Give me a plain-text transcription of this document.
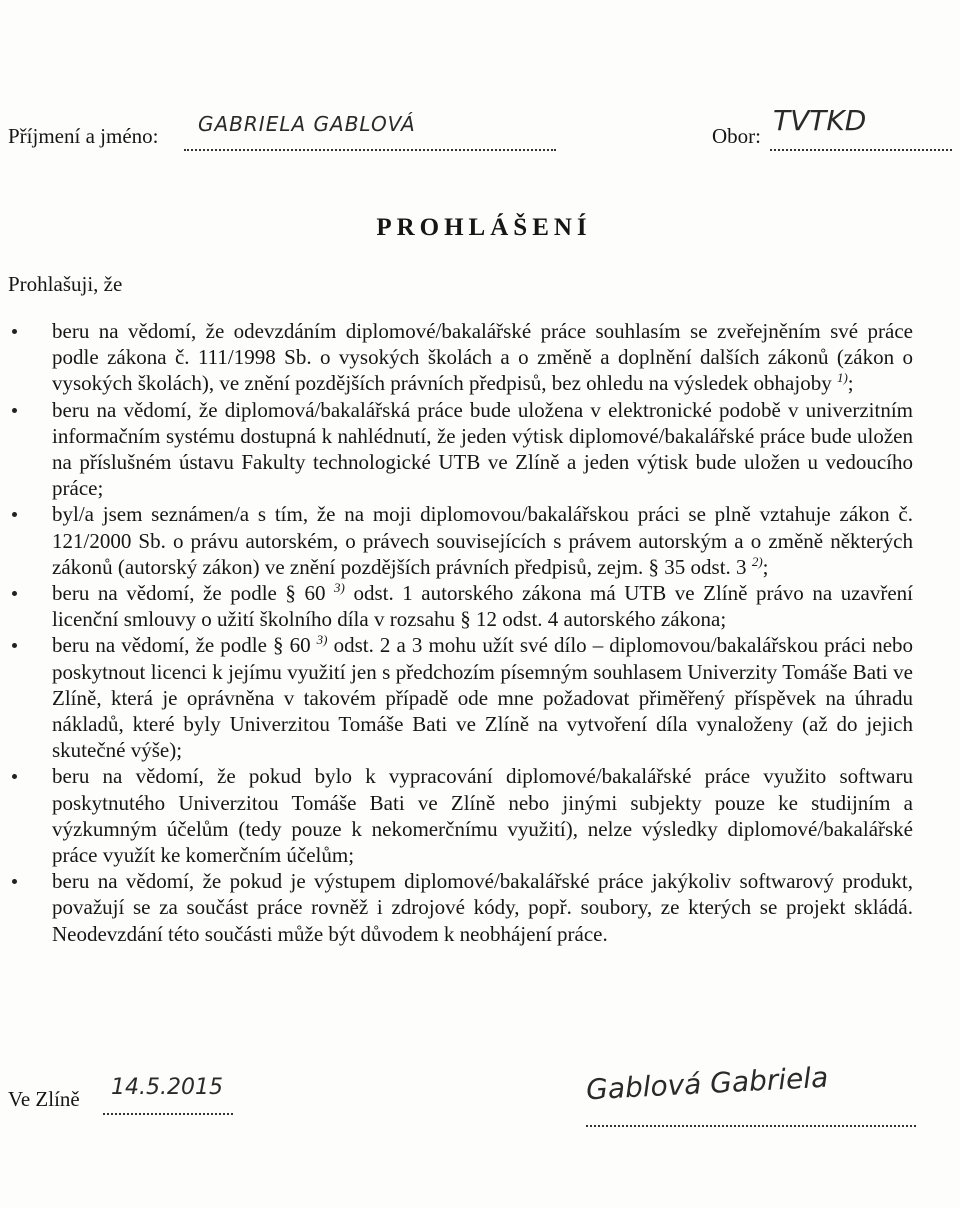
Příjmení a jméno: GABRIELA GABLOVÁ	Obor: TVTKD
PROHLÁŠENÍ
Prohlašuji, že
beru na vědomí, že odevzdáním diplomové/bakalářské práce souhlasím se zveřejněním své práce podle zákona č. 111/1998 Sb. o vysokých školách a o změně a doplnění dalších zákonů (zákon o vysokých školách), ve znění pozdějších právních předpisů, bez ohledu na výsledek obhajoby $^{1)}$;
beru na vědomí, že diplomová/bakalářská práce bude uložena v elektronické podobě v univerzitním informačním systému dostupná k nahlédnutí, že jeden výtisk diplomové/bakalářské práce bude uložen na příslušném ústavu Fakulty technologické UTB ve Zlíně a jeden výtisk bude uložen u vedoucího práce;
byl/a jsem seznámen/a s tím, že na moji diplomovou/bakalářskou práci se plně vztahuje zákon č. 121/2000 Sb. o právu autorském, o právech souvisejících s právem autorským a o změně některých zákonů (autorský zákon) ve znění pozdějších právních předpisů, zejm. § 35 odst. 3 $^{2)}$;
beru na vědomí, že podle § 60 $^{3)}$ odst. 1 autorského zákona má UTB ve Zlíně právo na uzavření licenční smlouvy o užití školního díla v rozsahu § 12 odst. 4 autorského zákona;
beru na vědomí, že podle § 60 $^{3)}$ odst. 2 a 3 mohu užít své dílo – diplomovou/bakalářskou práci nebo poskytnout licenci k jejímu využití jen s předchozím písemným souhlasem Univerzity Tomáše Bati ve Zlíně, která je oprávněna v takovém případě ode mne požadovat přiměřený příspěvek na úhradu nákladů, které byly Univerzitou Tomáše Bati ve Zlíně na vytvoření díla vynaloženy (až do jejich skutečné výše);
beru na vědomí, že pokud bylo k vypracování diplomové/bakalářské práce využito softwaru poskytnutého Univerzitou Tomáše Bati ve Zlíně nebo jinými subjekty pouze ke studijním a výzkumným účelům (tedy pouze k nekomerčnímu využití), nelze výsledky diplomové/bakalářské práce využít ke komerčním účelům;
beru na vědomí, že pokud je výstupem diplomové/bakalářské práce jakýkoliv softwarový produkt, považují se za součást práce rovněž i zdrojové kódy, popř. soubory, ze kterých se projekt skládá. Neodevzdání této součásti může být důvodem k neobhájení práce.
Ve Zlíně 14.5.2015	Gablová Gabriela
